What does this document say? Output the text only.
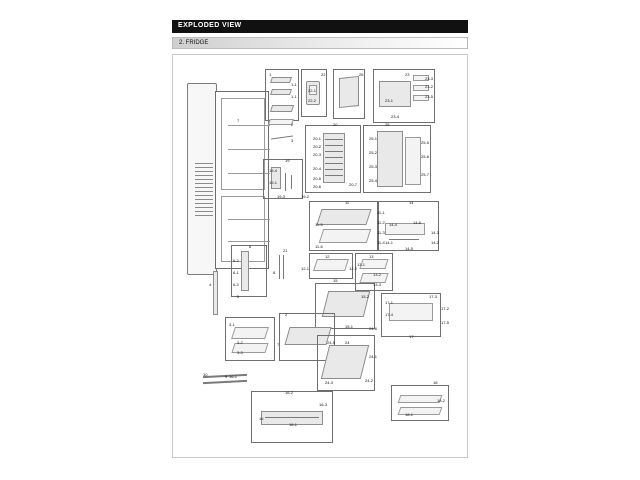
EXPLODED VIEW
2. FRIDGE
1
1-1
1-1
2
3
7
22
22-1
22-2
26	23
23-1
23-2
23-3
23-4
23-5
20
20-1
20-2
20-3
20-4
20-5
20-6	20-7
25
25-1
25-2
25-3
25-4
25-5
25-6
25-7
11
11-1
11-2
11-3
11-4
11-5
11-6
14
14-1	14-2
14-3
14-4
14-5
14-6
6
6-1
6-2
6-3
4
5
21
12
12-1	12-2
13
13-1
13-2
13-3
15
15-1
15-2
17
17-1
17-2
17-3
17-4
17-5
3-1
3-2
3-3
2
7
9
10	16-1
24
24-1
24-2
24-3
24-5
24-6
18
18-1
18-2
16
16-2
16-1
16-3
19
19-1
19-2
19-3
19-4
8
